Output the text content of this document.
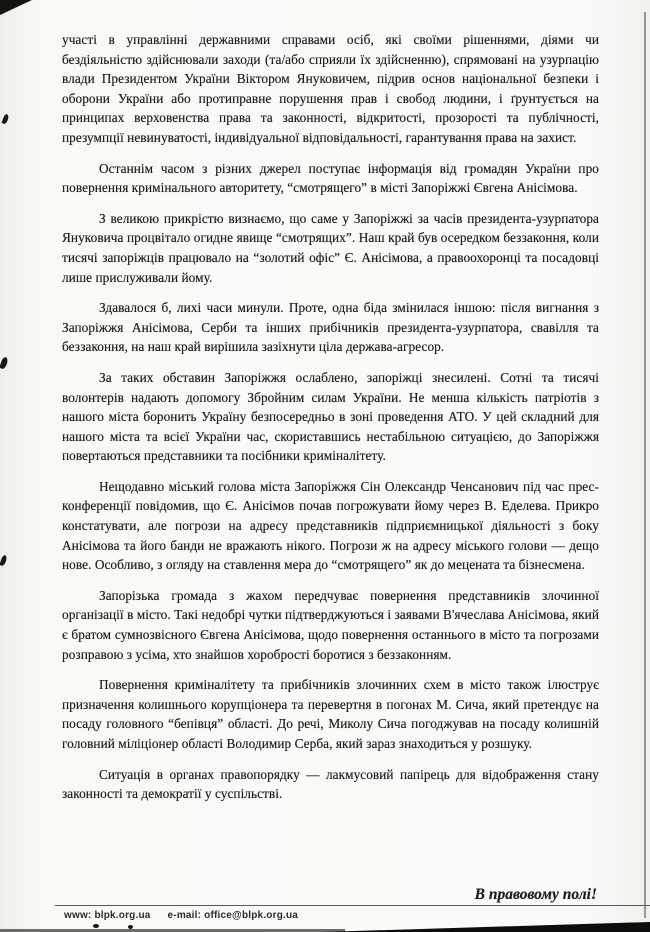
участі в управлінні державними справами осіб, які своїми рішеннями, діями чи бездіяльністю здійснювали заходи (та/або сприяли їх здійсненню), спрямовані на узурпацію влади Президентом України Віктором Януковичем, підрив основ національної безпеки і оборони України або протиправне порушення прав і свобод людини, і ґрунтується на принципах верховенства права та законності, відкритості, прозорості та публічності, презумпції невинуватості, індивідуальної відповідальності, гарантування права на захист.

Останнім часом з різних джерел поступає інформація від громадян України про повернення кримінального авторитету, “смотрящего” в місті Запоріжжі Євгена Анісімова.

З великою прикрістю визнаємо, що саме у Запоріжжі за часів президента-узурпатора Януковича процвітало огидне явище “смотрящих”. Наш край був осередком беззаконня, коли тисячі запоріжців працювало на “золотий офіс” Є. Анісімова, а правоохоронці та посадовці лише прислуживали йому.

Здавалося б, лихі часи минули. Проте, одна біда змінилася іншою: після вигнання з Запоріжжя Анісімова, Серби та інших прибічників президента-узурпатора, свавілля та беззаконня, на наш край вирішила зазіхнути ціла держава-агресор.

За таких обставин Запоріжжя ослаблено, запоріжці знесилені. Сотні та тисячі волонтерів надають допомогу Збройним силам України. Не менша кількість патріотів з нашого міста боронить Україну безпосередньо в зоні проведення АТО. У цей складний для нашого міста та всієї України час, скориставшись нестабільною ситуацією, до Запоріжжя повертаються представники та посібники криміналітету.

Нещодавно міський голова міста Запоріжжя Сін Олександр Ченсанович під час прес-конференції повідомив, що Є. Анісімов почав погрожувати йому через В. Еделева. Прикро констатувати, але погрози на адресу представників підприємницької діяльності з боку Анісімова та його банди не вражають нікого. Погрози ж на адресу міського голови — дещо нове. Особливо, з огляду на ставлення мера до “смотрящего” як до мецената та бізнесмена.

Запорізька громада з жахом передчуває повернення представників злочинної організації в місто. Такі недобрі чутки підтверджуються і заявами В'ячеслава Анісімова, який є братом сумнозвісного Євгена Анісімова, щодо повернення останнього в місто та погрозами розправою з усіма, хто знайшов хоробрості боротися з беззаконням.

Повернення криміналітету та прибічників злочинних схем в місто також ілюструє призначення колишнього корупціонера та перевертня в погонах М. Сича, який претендує на посаду головного “бепівця” області. До речі, Миколу Сича погоджував на посаду колишній головний міліціонер області Володимир Серба, який зараз знаходиться у розшуку.

Ситуація в органах правопорядку — лакмусовий папірець для відображення стану законності та демократії у суспільстві.

В правовому полі!
www: blpk.org.ua e-mail: office@blpk.org.ua
